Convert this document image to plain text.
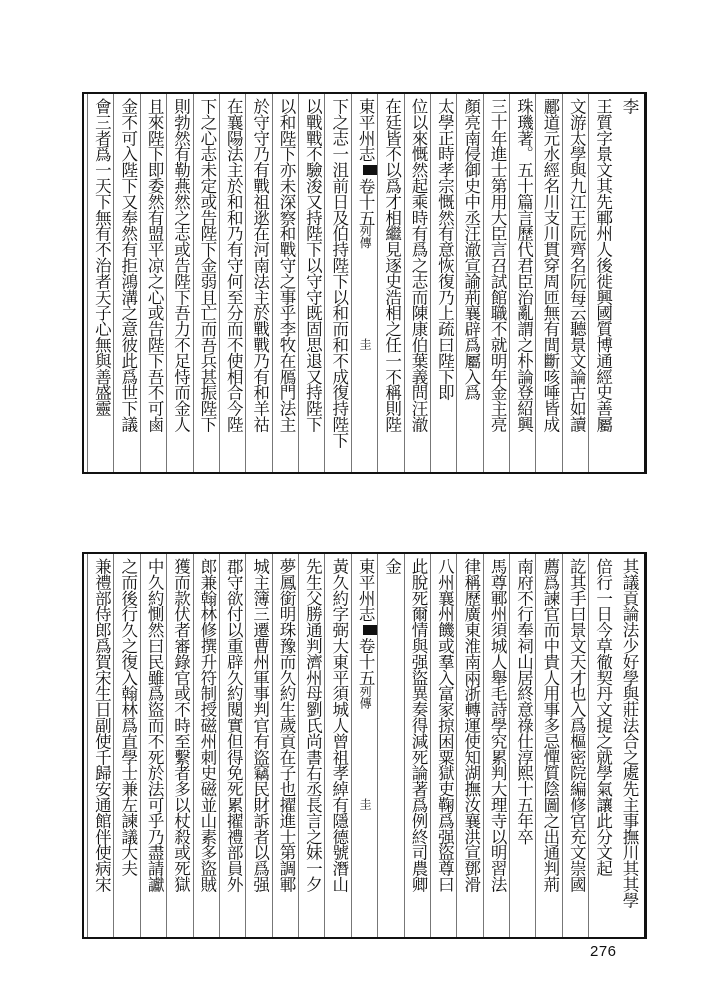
李
王質字景文其先鄆州人後徙興國質博通經史善屬
文游太學與九江王阮齊名阮每云聽景文論古如讀
酈道元水經名川支川貫穿周匝無有間斷咳唾皆成
珠璣著。五十篇言歷代君臣治亂謂之朴論登紹興
三十年進士第用大臣言召試館職不就明年金主亮
顏亮南侵御史中丞汪澈宣諭荊襄辟爲屬入爲
太學正時孝宗慨然有意恢復乃上疏曰陛下即
位以來慨然起乘時有爲之志而陳康伯葉義問汪澈
在廷皆不以爲才相繼見逐史浩相之任一不稱則陛
東平州志卷十五列傳圭
下之志一沮前日及伯持陛下以和而和不成復持陛下
以戰戰不驗浚又持陛下以守守既固思退又持陛下
以和陛下亦未深察和戰守之事乎李牧在鴈門法主
於守守乃有戰祖逖在河南法主於戰戰乃有和羊祜
在襄陽法主於和和乃有守何至分而不使相合今陛
下之心志未定或告陛下金弱且亡而吾兵甚振陛下
則勃然有勒燕然之志或告陛下吾力不足恃而金人
且來陛下即委然有盟平凉之心或告陛下吾不可鹵
金不可入陛下又奉然有拒鴻溝之意彼此爲世下議
會三者爲一天下無有不治者天子心無與善盛靈
其議貢論法少好學與莊法合之處先主事撫川其其學
倍行一日今草徹契丹文提之就學氣讓此分文起
訖其手曰景文天才也入爲樞密院編修官充文崇國
薦爲諫官而中貴人用事多忌憚質陰圖之出通判荊
南府不行奉祠山居終意祿仕淳熙十五年卒
馬尊鄆州須城人舉毛詩學究累判大理寺以明習法
律稱歷廣東淮南兩浙轉運使知湖撫汝襄洪宣鄧滑
八州襄州饑或羣入富家掠困粟獄吏鞠爲强盜尊曰
此脫死爾情與强盜異奏得減死論著爲例終司農卿
金
東平州志卷十五列傳圭
黃久約字弼大東平須城人曾祖孝綽有隱德號潛山
先生父勝通判濟州母劉氏尚書右丞長言之妹一夕
夢鳳銜明珠豫而久約生歲貢在子也擢進士第調鄆
城主簿三遷曹州軍事判官有盜竊民財訴者以爲强
郡守欲付以重辟久約閱實但得免死累擢禮部員外
郎兼翰林修撰升符制授磁州刺史磁並山素多盜賊
獲而款伏者審錄官或不時至繫者多以杖殺或死獄
中久約惻然曰民雖爲盜而不死於法可乎乃盡請讞
之而後行久之復入翰林爲直學士兼左諫議大夫
兼禮部侍郎爲賀宋生日副使千歸安通館伴使病宋
276
